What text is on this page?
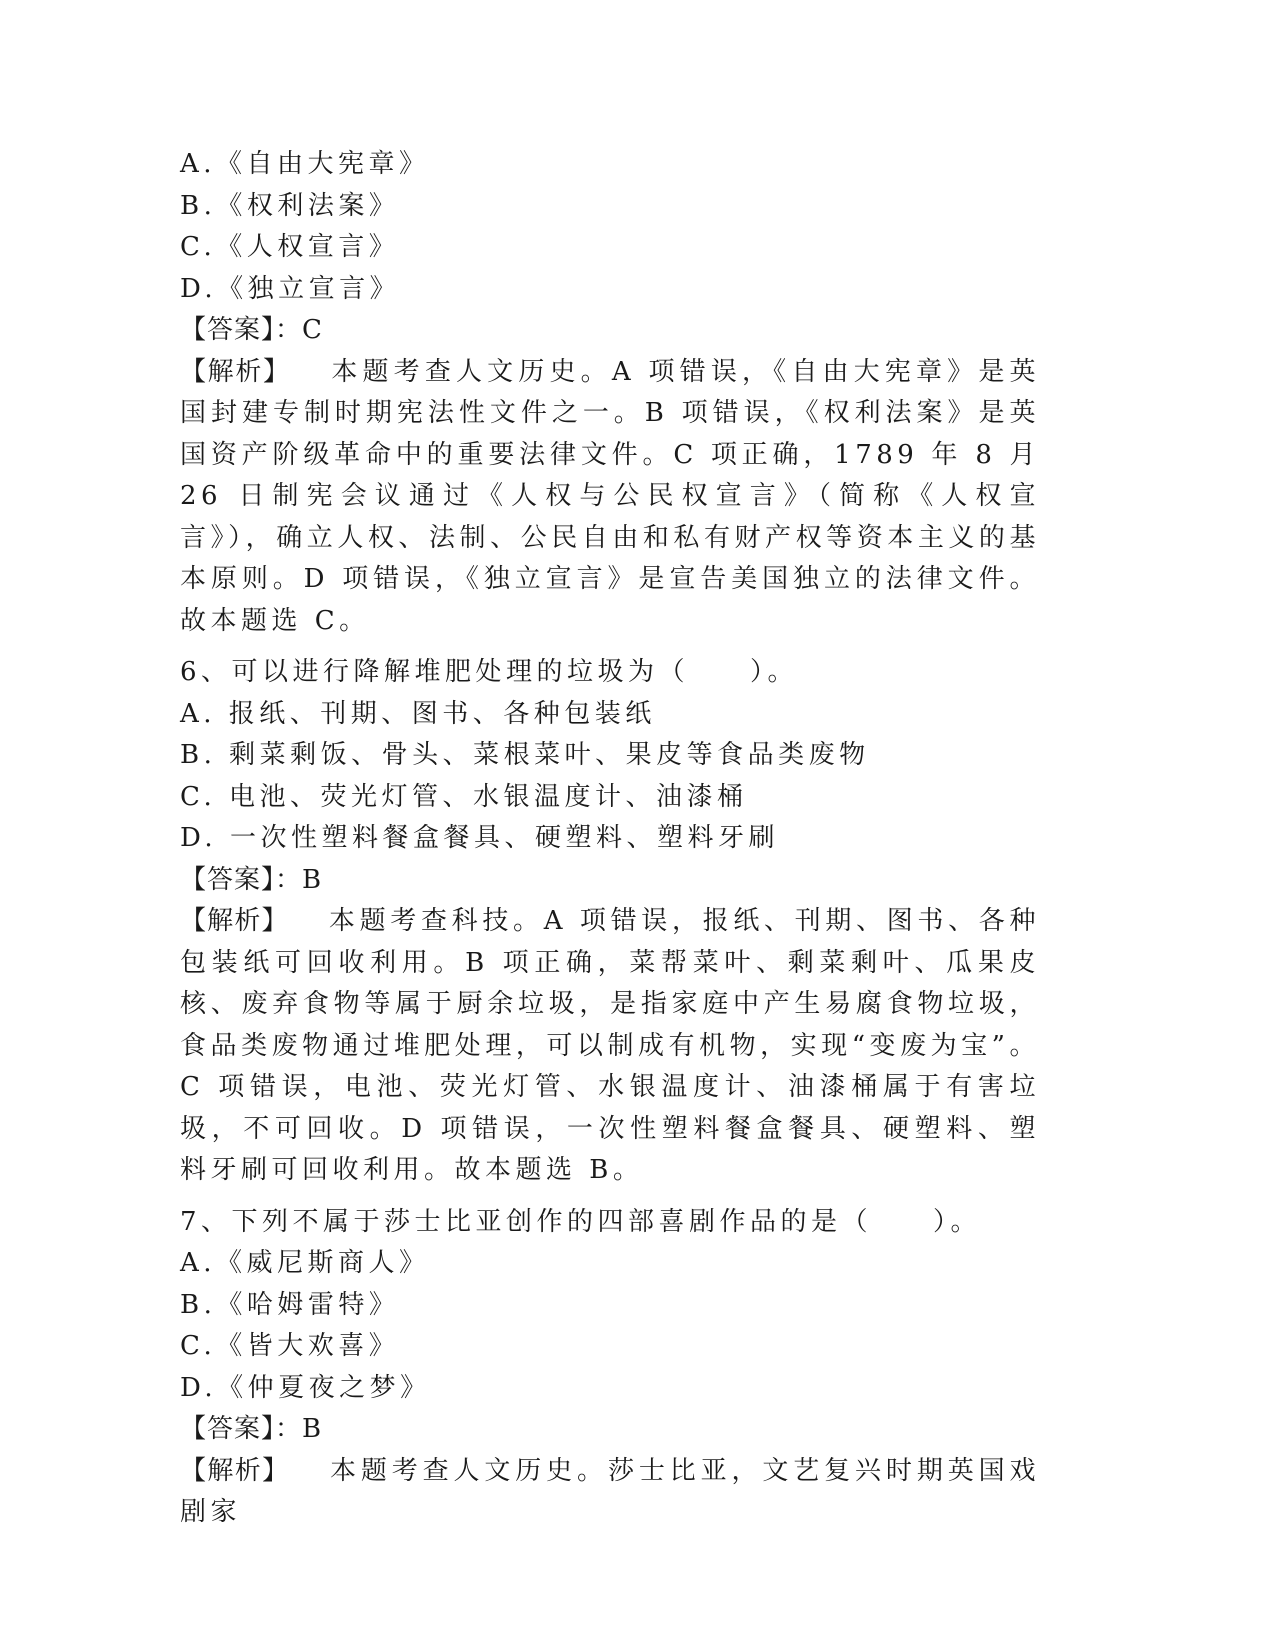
A.《自由大宪章》
B.《权利法案》
C.《人权宣言》
D.《独立宣言》
【答案】：C
【解析】 本题考查人文历史。A 项错误，《自由大宪章》是英国封建专制时期宪法性文件之一。B 项错误，《权利法案》是英国资产阶级革命中的重要法律文件。C 项正确，1789 年 8 月 26 日制宪会议通过《人权与公民权宣言》（简称《人权宣言》），确立人权、法制、公民自由和私有财产权等资本主义的基本原则。D 项错误，《独立宣言》是宣告美国独立的法律文件。故本题选 C。
6、可以进行降解堆肥处理的垃圾为（　　）。
A. 报纸、刊期、图书、各种包装纸
B. 剩菜剩饭、骨头、菜根菜叶、果皮等食品类废物
C. 电池、荧光灯管、水银温度计、油漆桶
D. 一次性塑料餐盒餐具、硬塑料、塑料牙刷
【答案】：B
【解析】 本题考查科技。A 项错误，报纸、刊期、图书、各种包装纸可回收利用。B 项正确，菜帮菜叶、剩菜剩叶、瓜果皮核、废弃食物等属于厨余垃圾，是指家庭中产生易腐食物垃圾，食品类废物通过堆肥处理，可以制成有机物，实现“变废为宝”。C 项错误，电池、荧光灯管、水银温度计、油漆桶属于有害垃圾，不可回收。D 项错误，一次性塑料餐盒餐具、硬塑料、塑料牙刷可回收利用。故本题选 B。
7、下列不属于莎士比亚创作的四部喜剧作品的是（　　）。
A.《威尼斯商人》
B.《哈姆雷特》
C.《皆大欢喜》
D.《仲夏夜之梦》
【答案】：B
【解析】 本题考查人文历史。莎士比亚，文艺复兴时期英国戏剧家
